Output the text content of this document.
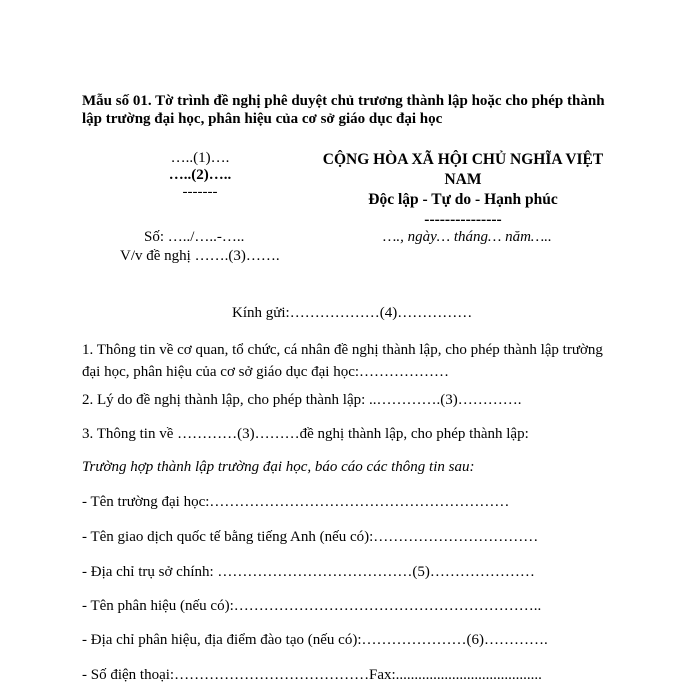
Mẫu số 01. Tờ trình đề nghị phê duyệt chủ trương thành lập hoặc cho phép thành
lập trường đại học, phân hiệu của cơ sở giáo dục đại học
…..(1)….
…..(2)…..
-------
CỘNG HÒA XÃ HỘI CHỦ NGHĨA VIỆT
NAM
Độc lập - Tự do - Hạnh phúc
---------------
Số: …../…..-…..
V/v đề nghị …….(3)…….
…., ngày… tháng… năm…..
Kính gửi:………………(4)……………
1. Thông tin về cơ quan, tổ chức, cá nhân đề nghị thành lập, cho phép thành lập trường
đại học, phân hiệu của cơ sở giáo dục đại học:………………
2. Lý do đề nghị thành lập, cho phép thành lập: ..………….(3)………….
3. Thông tin về …………(3)………đề nghị thành lập, cho phép thành lập:
Trường hợp thành lập trường đại học, báo cáo các thông tin sau:
- Tên trường đại học:……………………………………………………
- Tên giao dịch quốc tế bằng tiếng Anh (nếu có):……………………………
- Địa chỉ trụ sở chính: …………………………………(5)…………………
- Tên phân hiệu (nếu có):……………………………………………………..
- Địa chỉ phân hiệu, địa điểm đào tạo (nếu có):…………………(6)………….
- Số điện thoại:………………………………… Fax:.......................................
